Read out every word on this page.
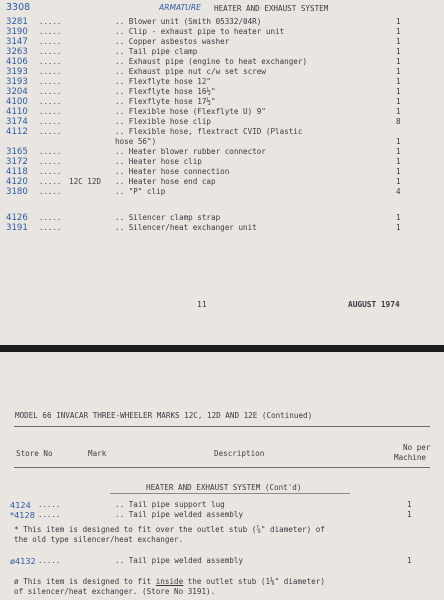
3308	ARMATURE HEATER AND EXHAUST SYSTEM
3281 .....	.. Blower unit (Smith 05332/04R)	1
3190 .....	.. Clip - exhaust pipe to heater unit	1
3147 .....	.. Copper asbestos washer	1
3263 .....	.. Tail pipe clamp	1
4106 .....	.. Exhaust pipe (engine to heat exchanger)	1
3193 .....	.. Exhaust pipe nut c/w set screw	1
3193 .....	.. Flexflyte hose 12"	1
3204 .....	.. Flexflyte hose 16½"	1
4100 .....	.. Flexflyte hose 17½"	1
4110 .....	.. Flexible hose (Flexflyte U) 9"	1
3174 .....	.. Flexible hose clip	8
4112 .....	.. Flexible hose, flextract CVID (Plastic
hose 56")	1
3165 .....	.. Heater blower rubber connector	1
3172 .....	.. Heater hose clip	1
4118 .....	.. Heater hose connection	1
4120 ..... 12C 12D .. Heater hose end cap	1
3180 .....	.. "P" clip	4
4126 .....	.. Silencer clamp strap	1
3191 .....	.. Silencer/heat exchanger unit	1
11	AUGUST 1974
MODEL 66 INVACAR THREE-WHEELER MARKS 12C, 12D AND 12E (Continued)
Store No	Mark	Description
No per
Machine
HEATER AND EXHAUST SYSTEM (Cont'd)
4124 .....	.. Tail pipe support lug	1
*4128 .....	.. Tail pipe welded assembly	1
* This item is designed to fit over the outlet stub (⅞" diameter) of
the old type silencer/heat exchanger.
ø4132 .....	.. Tail pipe welded assembly	1
ø This item is designed to fit inside the outlet stub (1⅛" diameter)
of silencer/heat exchanger. (Store No 3191).
